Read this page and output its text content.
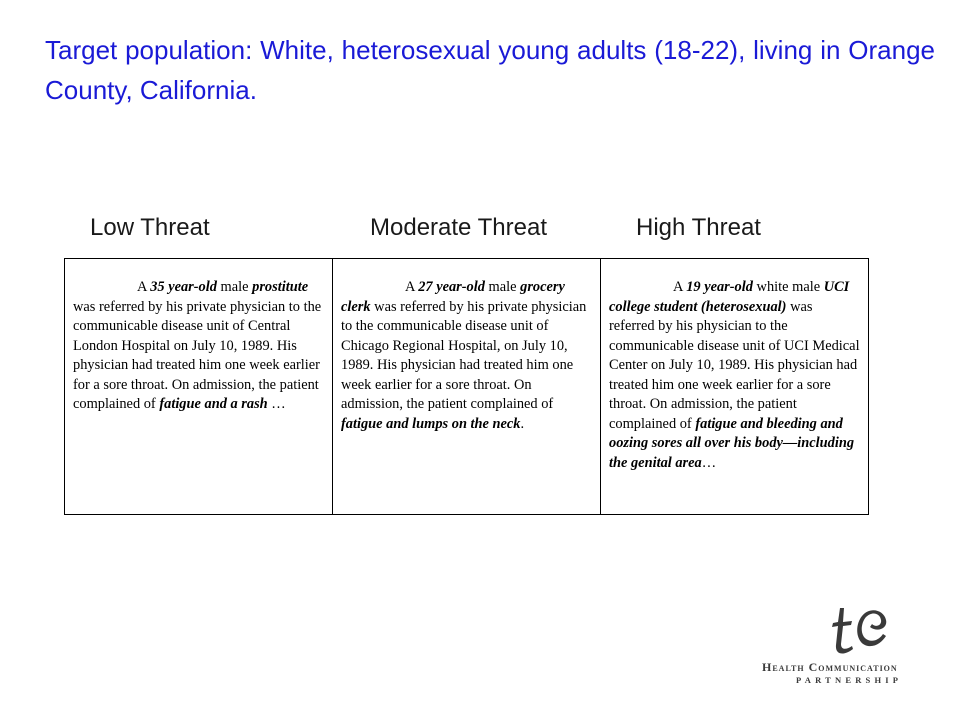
Target population: White, heterosexual young adults (18-22), living in Orange County, California.
Low Threat	Moderate Threat	High Threat
A 35 year-old male prostitute was referred by his private physician to the communicable disease unit of Central London Hospital on July 10, 1989. His physician had treated him one week earlier for a sore throat. On admission, the patient complained of fatigue and a rash …
A 27 year-old male grocery clerk was referred by his private physician to the communicable disease unit of Chicago Regional Hospital, on July 10, 1989. His physician had treated him one week earlier for a sore throat. On admission, the patient complained of fatigue and lumps on the neck.
A 19 year-old white male UCI college student (heterosexual) was referred by his physician to the communicable disease unit of UCI Medical Center on July 10, 1989. His physician had treated him one week earlier for a sore throat. On admission, the patient complained of fatigue and bleeding and oozing sores all over his body—including the genital area…
Health Communication
PARTNERSHIP
